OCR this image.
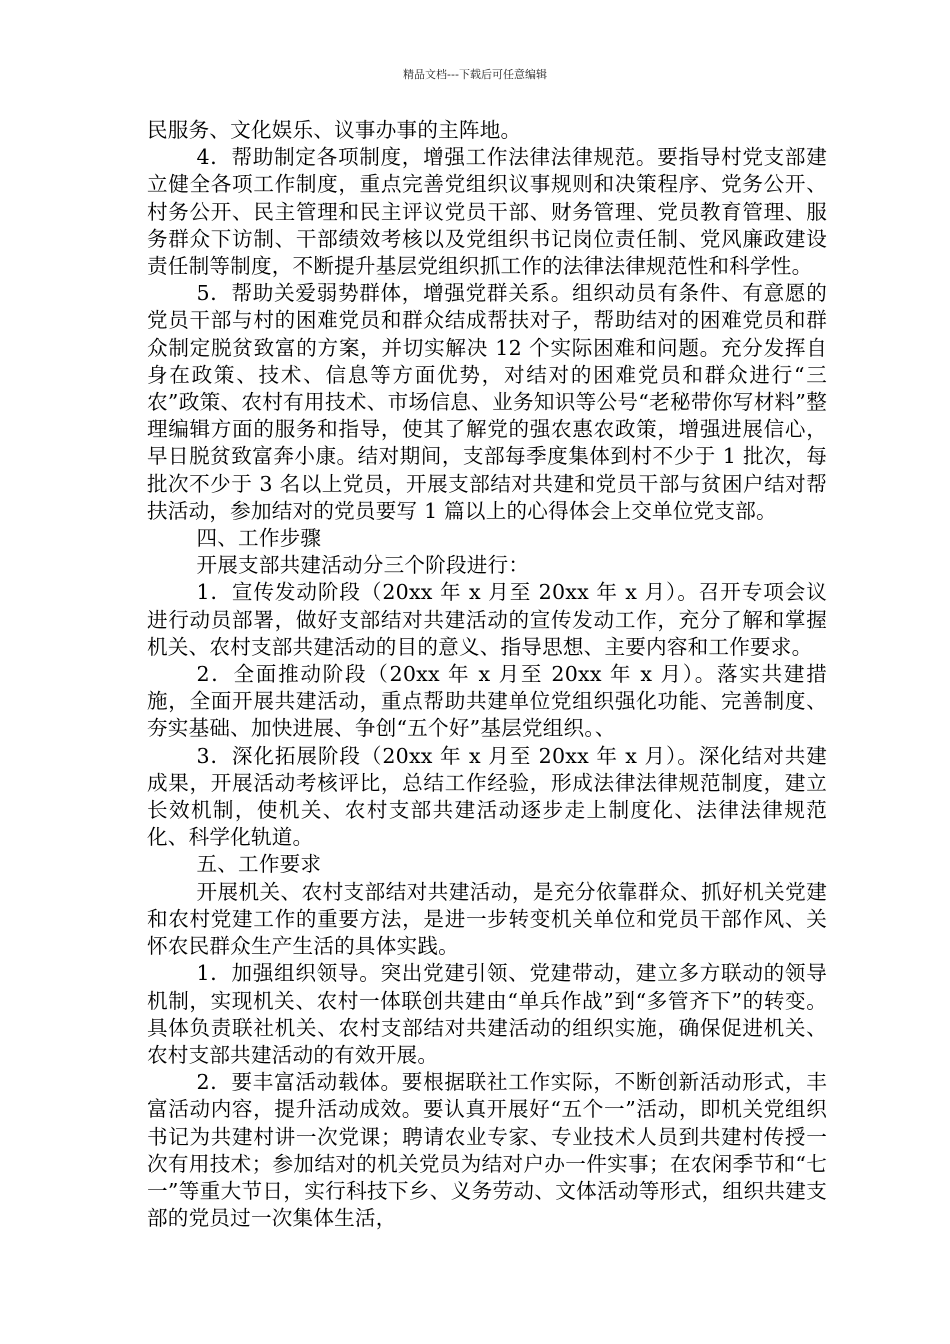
精品文档---下载后可任意编辑

民服务、文化娱乐、议事办事的主阵地。

4．帮助制定各项制度，增强工作法律法律规范。要指导村党支部建立健全各项工作制度，重点完善党组织议事规则和决策程序、党务公开、村务公开、民主管理和民主评议党员干部、财务管理、党员教育管理、服务群众下访制、干部绩效考核以及党组织书记岗位责任制、党风廉政建设责任制等制度，不断提升基层党组织抓工作的法律法律规范性和科学性。

5．帮助关爱弱势群体，增强党群关系。组织动员有条件、有意愿的党员干部与村的困难党员和群众结成帮扶对子，帮助结对的困难党员和群众制定脱贫致富的方案，并切实解决 12 个实际困难和问题。充分发挥自身在政策、技术、信息等方面优势，对结对的困难党员和群众进行“三农”政策、农村有用技术、市场信息、业务知识等公号“老秘带你写材料”整理编辑方面的服务和指导，使其了解党的强农惠农政策，增强进展信心，早日脱贫致富奔小康。结对期间，支部每季度集体到村不少于 1 批次，每批次不少于 3 名以上党员，开展支部结对共建和党员干部与贫困户结对帮扶活动，参加结对的党员要写 1 篇以上的心得体会上交单位党支部。

四、工作步骤

开展支部共建活动分三个阶段进行：

1．宣传发动阶段（20xx 年 x 月至 20xx 年 x 月）。召开专项会议进行动员部署，做好支部结对共建活动的宣传发动工作，充分了解和掌握机关、农村支部共建活动的目的意义、指导思想、主要内容和工作要求。

2．全面推动阶段（20xx 年 x 月至 20xx 年 x 月）。落实共建措施，全面开展共建活动，重点帮助共建单位党组织强化功能、完善制度、夯实基础、加快进展、争创“五个好”基层党组织。、

3．深化拓展阶段（20xx 年 x 月至 20xx 年 x 月）。深化结对共建成果，开展活动考核评比，总结工作经验，形成法律法律规范制度，建立长效机制，使机关、农村支部共建活动逐步走上制度化、法律法律规范化、科学化轨道。

五、工作要求

开展机关、农村支部结对共建活动，是充分依靠群众、抓好机关党建和农村党建工作的重要方法，是进一步转变机关单位和党员干部作风、关怀农民群众生产生活的具体实践。

1．加强组织领导。突出党建引领、党建带动，建立多方联动的领导机制，实现机关、农村一体联创共建由“单兵作战”到“多管齐下”的转变。具体负责联社机关、农村支部结对共建活动的组织实施，确保促进机关、农村支部共建活动的有效开展。

2．要丰富活动载体。要根据联社工作实际，不断创新活动形式，丰富活动内容，提升活动成效。要认真开展好“五个一”活动，即机关党组织书记为共建村讲一次党课；聘请农业专家、专业技术人员到共建村传授一次有用技术；参加结对的机关党员为结对户办一件实事；在农闲季节和“七一”等重大节日，实行科技下乡、义务劳动、文体活动等形式，组织共建支部的党员过一次集体生活，
